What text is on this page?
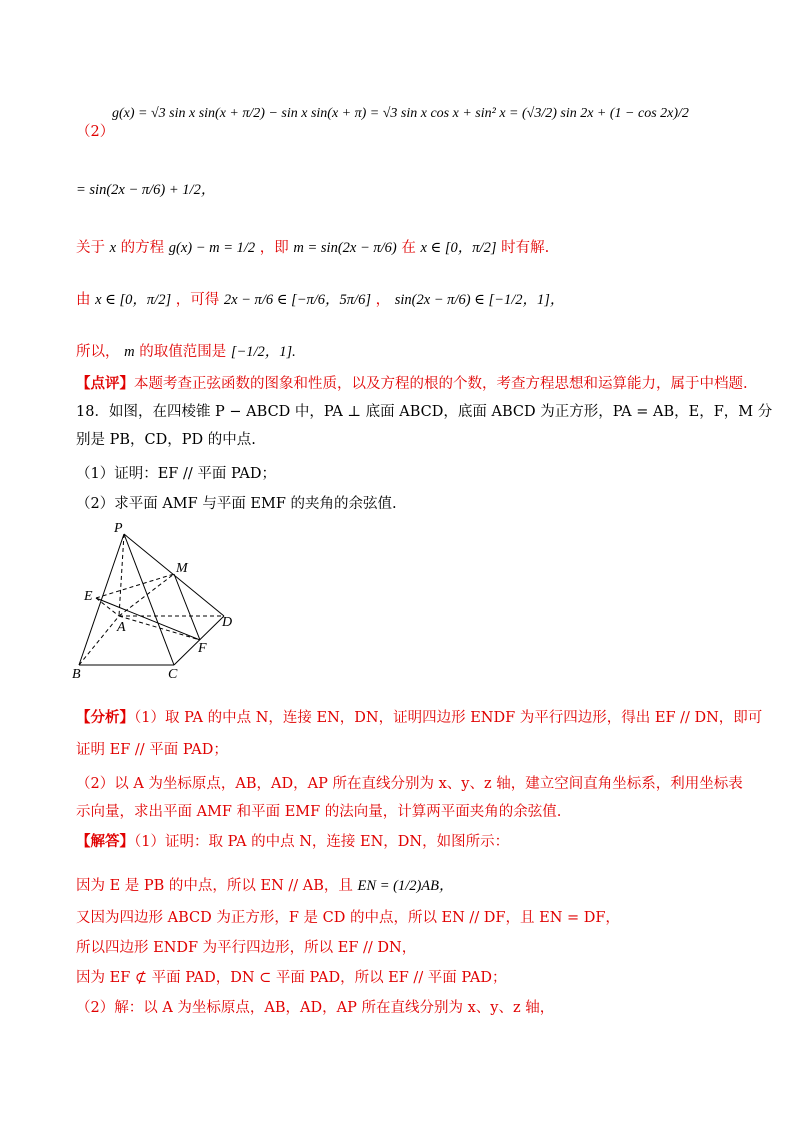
（2）
g(x) = √3 sin x sin(x + π/2) − sin x sin(x + π) = √3 sin x cos x + sin² x = (√3/2) sin 2x + (1 − cos 2x)/2
= sin(2x − π/6) + 1/2，
关于 x 的方程 g(x) − m = 1/2 ，即 m = sin(2x − π/6) 在 x ∈ [0，π/2] 时有解.
由 x ∈ [0，π/2] ，可得 2x − π/6 ∈ [−π/6，5π/6] ， sin(2x − π/6) ∈ [−1/2，1]，
所以， m 的取值范围是 [−1/2，1].
【点评】本题考查正弦函数的图象和性质，以及方程的根的个数，考查方程思想和运算能力，属于中档题.
18．如图，在四棱锥 P − ABCD 中，PA ⊥ 底面 ABCD，底面 ABCD 为正方形，PA = AB，E，F，M 分
别是 PB，CD，PD 的中点.
（1）证明：EF // 平面 PAD；
（2）求平面 AMF 与平面 EMF 的夹角的余弦值.
P
M
E
A	D
F
B	C
【分析】（1）取 PA 的中点 N，连接 EN，DN，证明四边形 ENDF 为平行四边形，得出 EF // DN，即可
证明 EF // 平面 PAD；
（2）以 A 为坐标原点，AB，AD，AP 所在直线分别为 x、y、z 轴，建立空间直角坐标系，利用坐标表
示向量，求出平面 AMF 和平面 EMF 的法向量，计算两平面夹角的余弦值.
【解答】（1）证明：取 PA 的中点 N，连接 EN，DN，如图所示：
因为 E 是 PB 的中点，所以 EN // AB，且 EN = (1/2)AB，
又因为四边形 ABCD 为正方形，F 是 CD 的中点，所以 EN // DF，且 EN = DF，
所以四边形 ENDF 为平行四边形，所以 EF // DN，
因为 EF ⊄ 平面 PAD，DN ⊂ 平面 PAD，所以 EF // 平面 PAD；
（2）解：以 A 为坐标原点，AB，AD，AP 所在直线分别为 x、y、z 轴，
